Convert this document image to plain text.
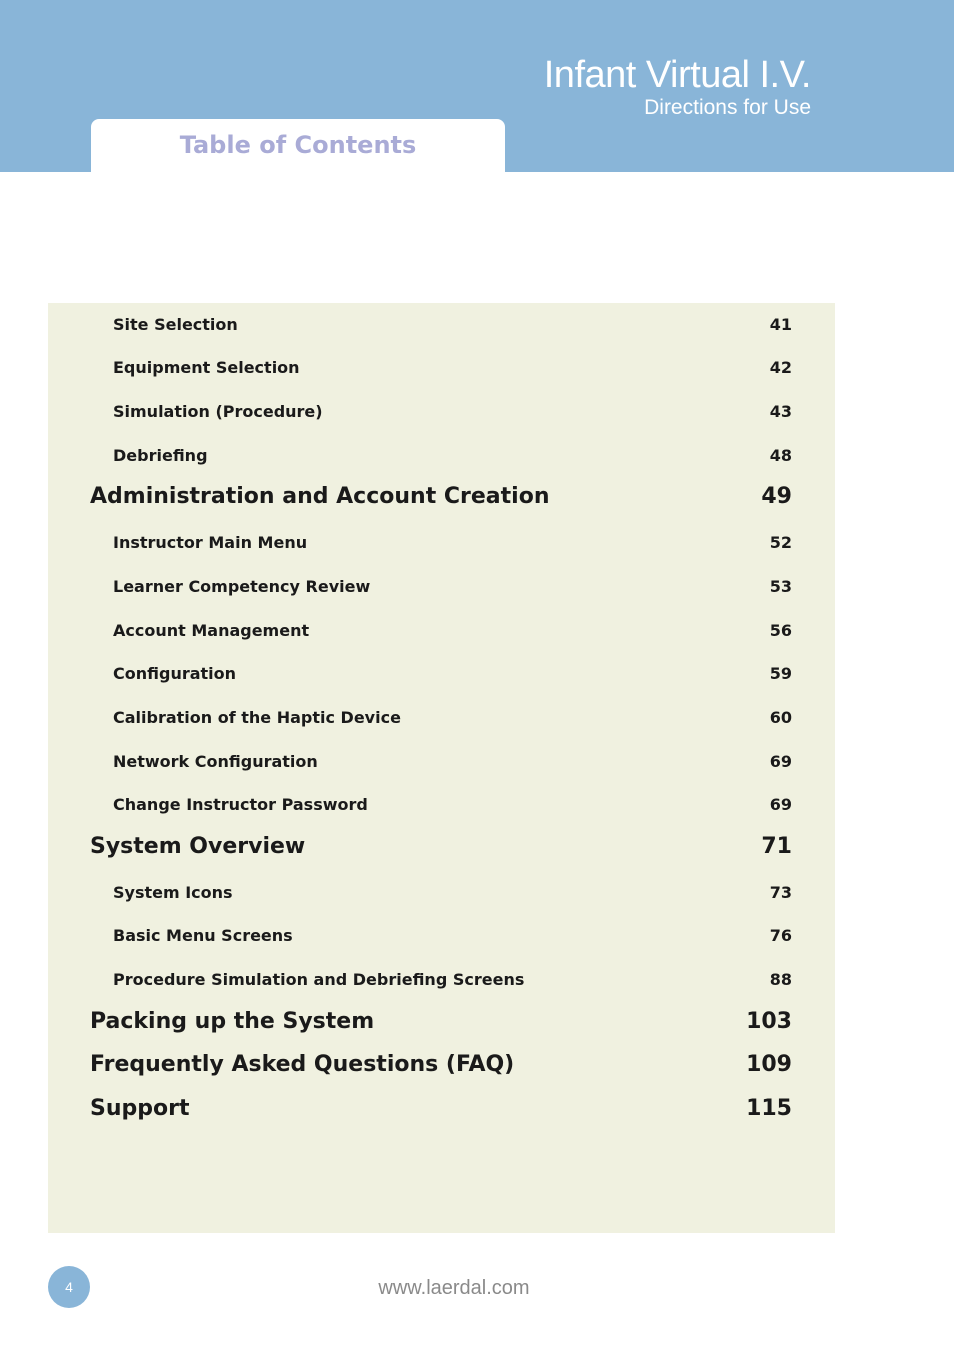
Infant Virtual I.V.
Directions for Use
Table of Contents
Site Selection	41
Equipment Selection	42
Simulation (Procedure)	43
Debriefing	48
Administration and Account Creation	49
Instructor Main Menu	52
Learner Competency Review	53
Account Management	56
Configuration	59
Calibration of the Haptic Device	60
Network Configuration	69
Change Instructor Password	69
System Overview	71
System Icons	73
Basic Menu Screens	76
Procedure Simulation and Debriefing Screens	88
Packing up the System	103
Frequently Asked Questions (FAQ)	109
Support	115
4	www.laerdal.com
